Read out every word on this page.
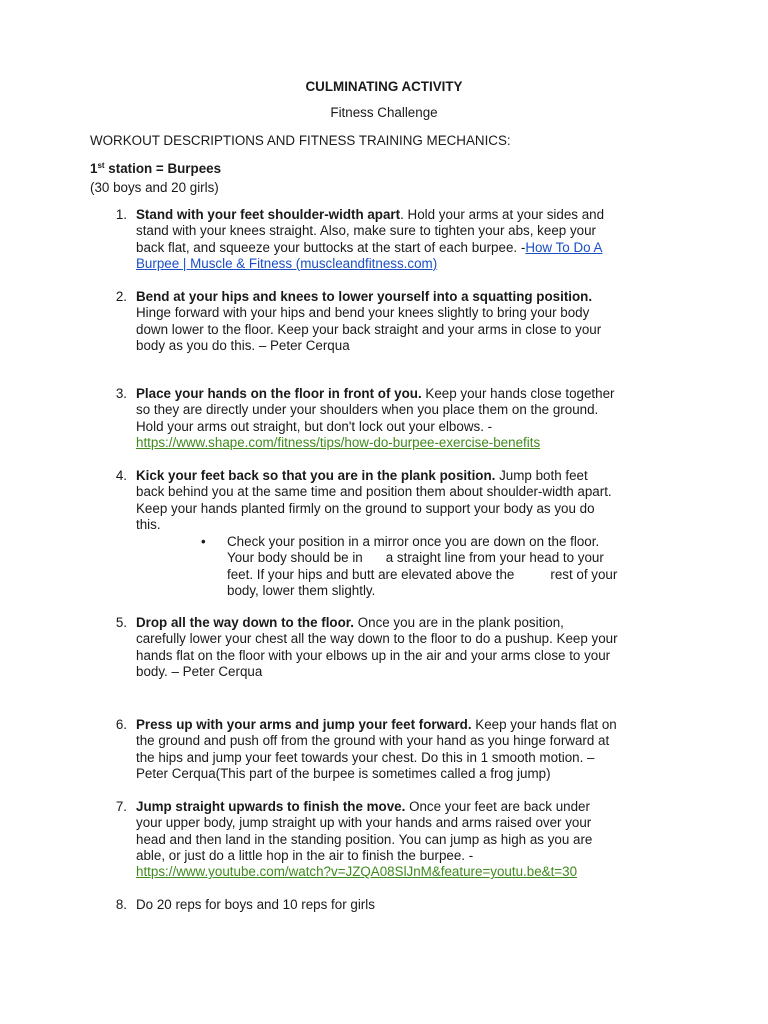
CULMINATING ACTIVITY
Fitness Challenge
WORKOUT DESCRIPTIONS AND FITNESS TRAINING MECHANICS:
1st station = Burpees
(30 boys and 20 girls)
1. Stand with your feet shoulder-width apart. Hold your arms at your sides and
stand with your knees straight. Also, make sure to tighten your abs, keep your
back flat, and squeeze your buttocks at the start of each burpee. -How To Do A
Burpee | Muscle & Fitness (muscleandfitness.com)
2. Bend at your hips and knees to lower yourself into a squatting position.
Hinge forward with your hips and bend your knees slightly to bring your body
down lower to the floor. Keep your back straight and your arms in close to your
body as you do this. – Peter Cerqua
3. Place your hands on the floor in front of you. Keep your hands close together
so they are directly under your shoulders when you place them on the ground.
Hold your arms out straight, but don't lock out your elbows. -
https://www.shape.com/fitness/tips/how-do-burpee-exercise-benefits
4. Kick your feet back so that you are in the plank position. Jump both feet
back behind you at the same time and position them about shoulder-width apart.
Keep your hands planted firmly on the ground to support your body as you do
this.
• Check your position in a mirror once you are down on the floor.
Your body should be in a straight line from your head to your
feet. If your hips and butt are elevated above the	rest of your
body, lower them slightly.
5. Drop all the way down to the floor. Once you are in the plank position,
carefully lower your chest all the way down to the floor to do a pushup. Keep your
hands flat on the floor with your elbows up in the air and your arms close to your
body. – Peter Cerqua
6. Press up with your arms and jump your feet forward. Keep your hands flat on
the ground and push off from the ground with your hand as you hinge forward at
the hips and jump your feet towards your chest. Do this in 1 smooth motion. –
Peter Cerqua(This part of the burpee is sometimes called a frog jump)
7. Jump straight upwards to finish the move. Once your feet are back under
your upper body, jump straight up with your hands and arms raised over your
head and then land in the standing position. You can jump as high as you are
able, or just do a little hop in the air to finish the burpee. -
https://www.youtube.com/watch?v=JZQA08SlJnM&feature=youtu.be&t=30
8. Do 20 reps for boys and 10 reps for girls
